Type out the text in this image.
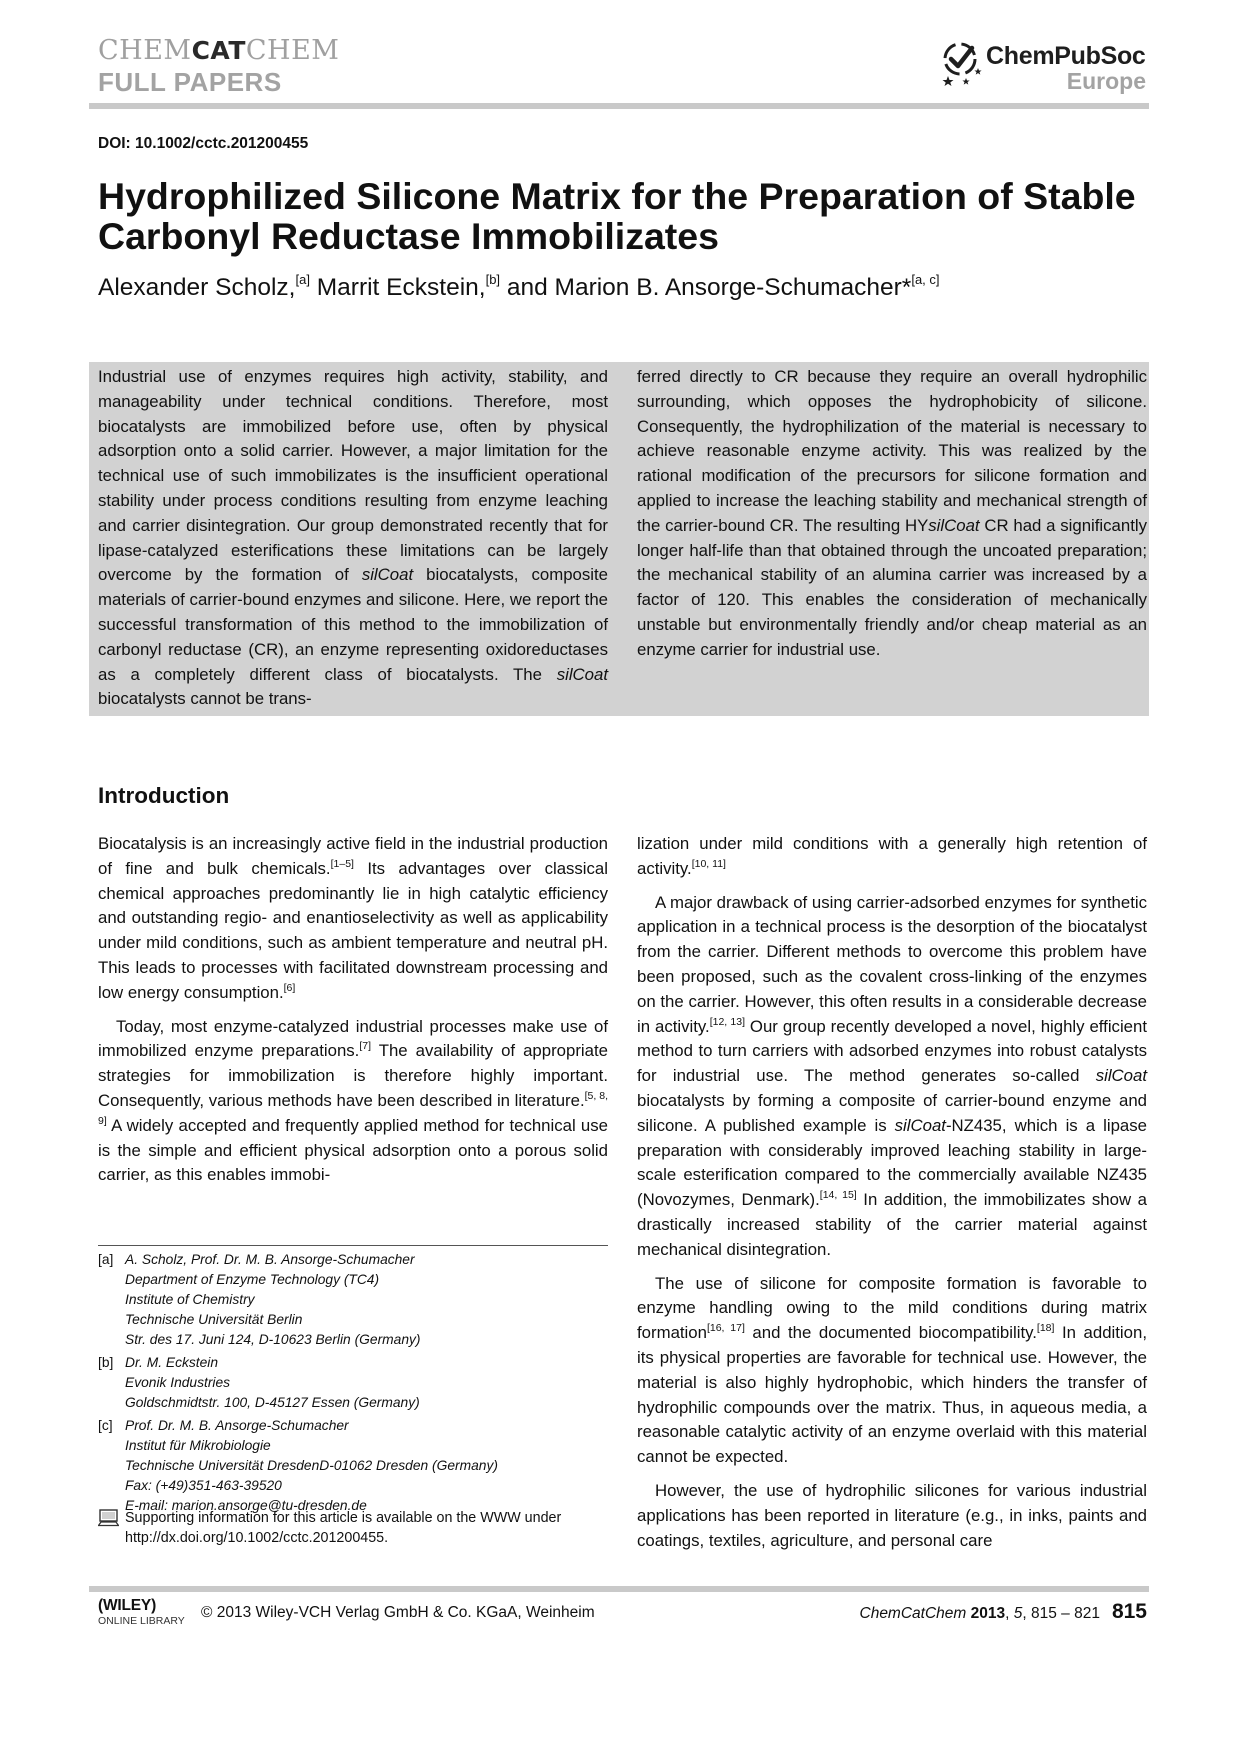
CHEMCATCHEM
FULL PAPERS
ChemPubSoc
Europe
DOI: 10.1002/cctc.201200455
Hydrophilized Silicone Matrix for the Preparation of Stable Carbonyl Reductase Immobilizates
Alexander Scholz,[a] Marrit Eckstein,[b] and Marion B. Ansorge-Schumacher*[a, c]
Industrial use of enzymes requires high activity, stability, and manageability under technical conditions. Therefore, most biocatalysts are immobilized before use, often by physical adsorption onto a solid carrier. However, a major limitation for the technical use of such immobilizates is the insufficient operational stability under process conditions resulting from enzyme leaching and carrier disintegration. Our group demonstrated recently that for lipase-catalyzed esterifications these limitations can be largely overcome by the formation of silCoat biocatalysts, composite materials of carrier-bound enzymes and silicone. Here, we report the successful transformation of this method to the immobilization of carbonyl reductase (CR), an enzyme representing oxidoreductases as a completely different class of biocatalysts. The silCoat biocatalysts cannot be trans-
ferred directly to CR because they require an overall hydrophilic surrounding, which opposes the hydrophobicity of silicone. Consequently, the hydrophilization of the material is necessary to achieve reasonable enzyme activity. This was realized by the rational modification of the precursors for silicone formation and applied to increase the leaching stability and mechanical strength of the carrier-bound CR. The resulting HYsilCoat CR had a significantly longer half-life than that obtained through the uncoated preparation; the mechanical stability of an alumina carrier was increased by a factor of 120. This enables the consideration of mechanically unstable but environmentally friendly and/or cheap material as an enzyme carrier for industrial use.
Introduction

Biocatalysis is an increasingly active field in the industrial production of fine and bulk chemicals.[1–5] Its advantages over classical chemical approaches predominantly lie in high catalytic efficiency and outstanding regio- and enantioselectivity as well as applicability under mild conditions, such as ambient temperature and neutral pH. This leads to processes with facilitated downstream processing and low energy consumption.[6]

Today, most enzyme-catalyzed industrial processes make use of immobilized enzyme preparations.[7] The availability of appropriate strategies for immobilization is therefore highly important. Consequently, various methods have been described in literature.[5, 8, 9] A widely accepted and frequently applied method for technical use is the simple and efficient physical adsorption onto a porous solid carrier, as this enables immobi-

lization under mild conditions with a generally high retention of activity.[10, 11]

A major drawback of using carrier-adsorbed enzymes for synthetic application in a technical process is the desorption of the biocatalyst from the carrier. Different methods to overcome this problem have been proposed, such as the covalent cross-linking of the enzymes on the carrier. However, this often results in a considerable decrease in activity.[12, 13] Our group recently developed a novel, highly efficient method to turn carriers with adsorbed enzymes into robust catalysts for industrial use. The method generates so-called silCoat biocatalysts by forming a composite of carrier-bound enzyme and silicone. A published example is silCoat-NZ435, which is a lipase preparation with considerably improved leaching stability in large-scale esterification compared to the commercially available NZ435 (Novozymes, Denmark).[14, 15] In addition, the immobilizates show a drastically increased stability of the carrier material against mechanical disintegration.

The use of silicone for composite formation is favorable to enzyme handling owing to the mild conditions during matrix formation[16, 17] and the documented biocompatibility.[18] In addition, its physical properties are favorable for technical use. However, the material is also highly hydrophobic, which hinders the transfer of hydrophilic compounds over the matrix. Thus, in aqueous media, a reasonable catalytic activity of an enzyme overlaid with this material cannot be expected.

However, the use of hydrophilic silicones for various industrial applications has been reported in literature (e.g., in inks, paints and coatings, textiles, agriculture, and personal care

[a] A. Scholz, Prof. Dr. M. B. Ansorge-Schumacher
Department of Enzyme Technology (TC4)
Institute of Chemistry
Technische Universität Berlin
Str. des 17. Juni 124, D-10623 Berlin (Germany)
[b] Dr. M. Eckstein
Evonik Industries
Goldschmidtstr. 100, D-45127 Essen (Germany)
[c] Prof. Dr. M. B. Ansorge-Schumacher
Institut für Mikrobiologie
Technische Universität DresdenD-01062 Dresden (Germany)
Fax: (+49)351-463-39520
E-mail: marion.ansorge@tu-dresden.de
Supporting information for this article is available on the WWW under
http://dx.doi.org/10.1002/cctc.201200455.
(WILEY)
ONLINE LIBRARY © 2013 Wiley-VCH Verlag GmbH & Co. KGaA, Weinheim	ChemCatChem 2013, 5, 815 – 821 815
